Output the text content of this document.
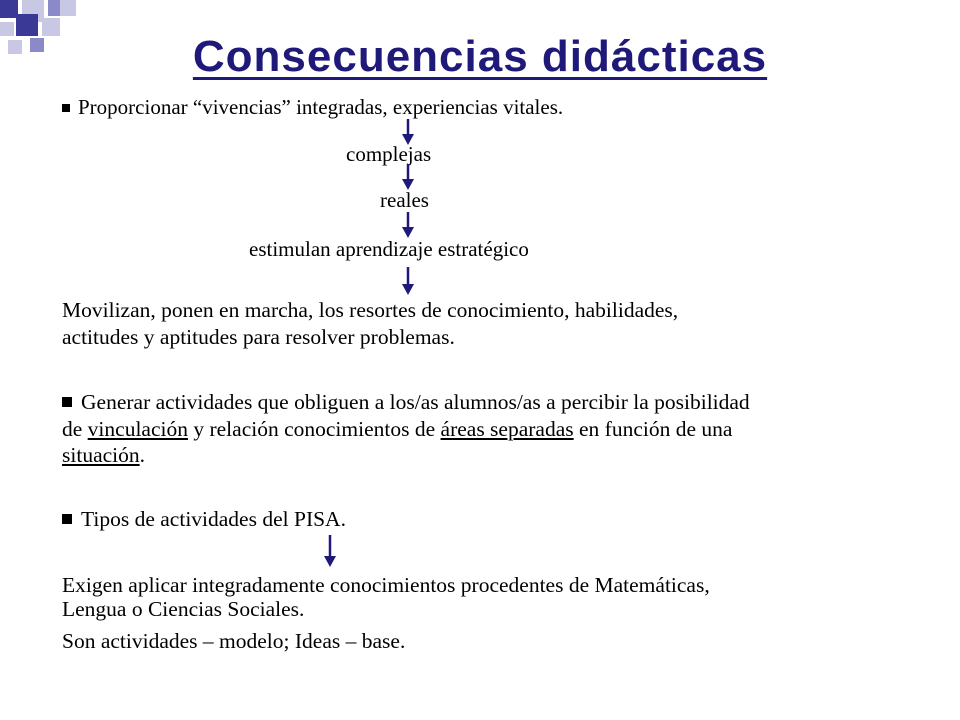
Consecuencias didácticas
Proporcionar “vivencias” integradas, experiencias vitales.
complejas
reales
estimulan aprendizaje estratégico
Movilizan, ponen en marcha, los resortes de conocimiento, habilidades,
actitudes y aptitudes para resolver problemas.
Generar actividades que obliguen a los/as alumnos/as a percibir la posibilidad
de vinculación y relación conocimientos de áreas separadas en función de una
situación.
Tipos de actividades del PISA.
Exigen aplicar integradamente conocimientos procedentes de Matemáticas,
Lengua o Ciencias Sociales.
Son actividades – modelo; Ideas – base.
